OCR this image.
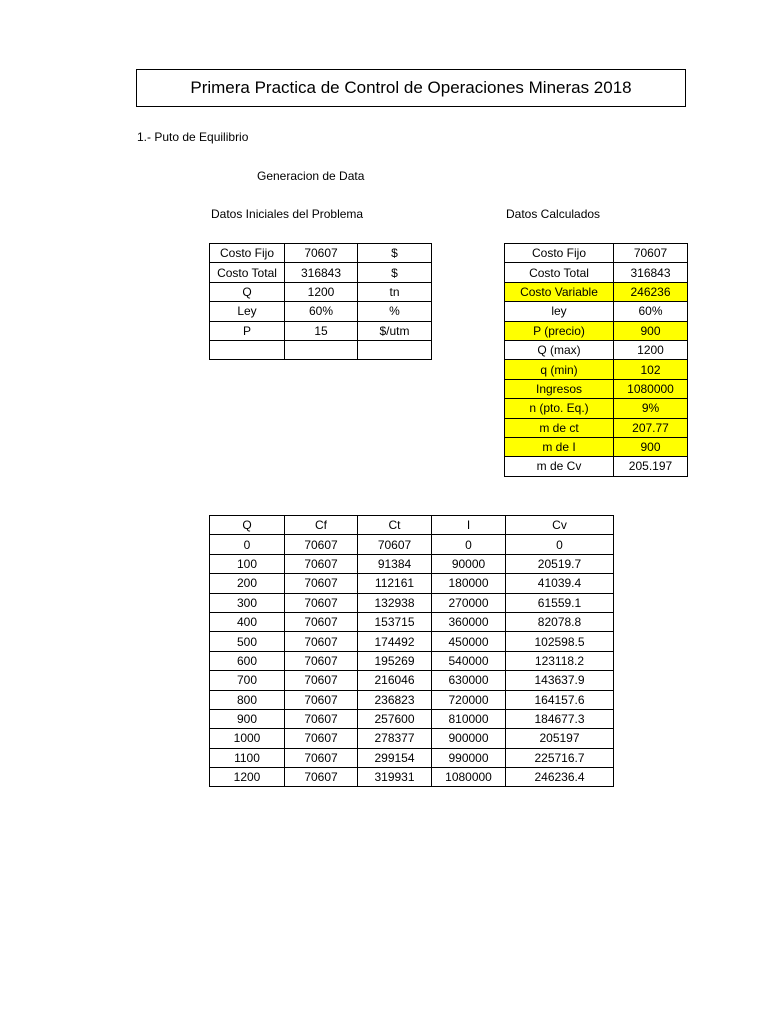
Primera Practica de Control de Operaciones Mineras 2018
1.- Puto de Equilibrio
Generacion de Data
Datos Iniciales del Problema	Datos Calculados
Costo Fijo	70607	$
Costo Total	316843	$
Q	1200	tn
Ley	60%	%
P	15	$/utm

Costo Fijo	70607
Costo Total	316843
Costo Variable	246236
ley	60%
P (precio)	900
Q (max)	1200
q (min)	102
Ingresos	1080000
n (pto. Eq.)	9%
m de ct	207.77
m de I	900
m de Cv	205.197
Q	Cf	Ct	I	Cv
0	70607	70607	0	0
100	70607	91384	90000	20519.7
200	70607	112161	180000	41039.4
300	70607	132938	270000	61559.1
400	70607	153715	360000	82078.8
500	70607	174492	450000	102598.5
600	70607	195269	540000	123118.2
700	70607	216046	630000	143637.9
800	70607	236823	720000	164157.6
900	70607	257600	810000	184677.3
1000	70607	278377	900000	205197
1100	70607	299154	990000	225716.7
1200	70607	319931	1080000	246236.4
